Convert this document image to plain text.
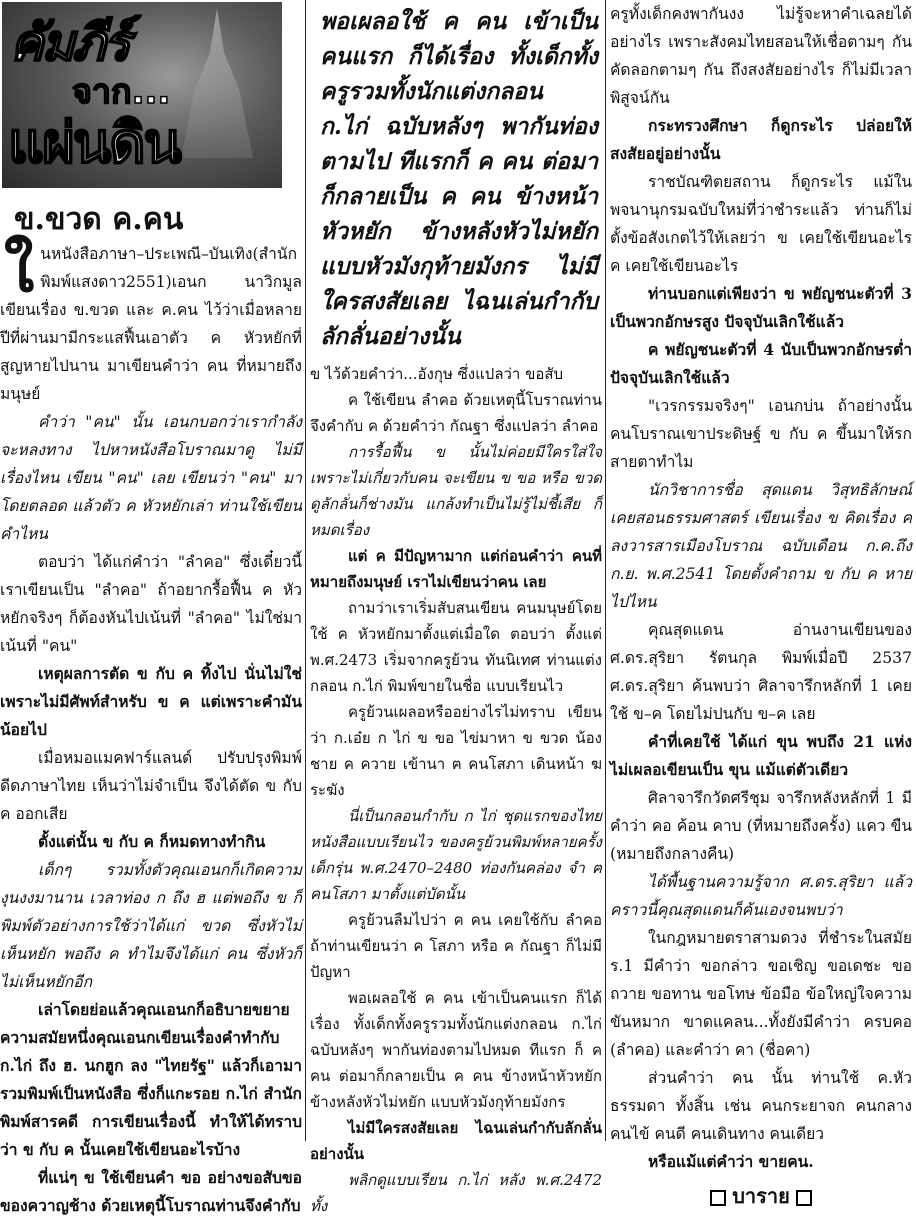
คัมภีร์
จาก...
แผ่นดิน
ข.ขวด ค.คน

ใ นหนังสือภาษา–ประเพณี–บันเทิง(สำนักพิมพ์แสงดาว2551)เอนก นาวิกมูลเขียนเรื่อง ข.ขวด และ ค.คน ไว้ว่าเมื่อหลายปีที่ผ่านมามีกระแสฟื้นเอาตัว ค หัวหยักที่สูญหายไปนาน มาเขียนคำว่า คน ที่หมายถึงมนุษย์

คำว่า "คน" นั้น เอนกบอกว่าเรากำลังจะหลงทาง ไปหาหนังสือโบราณมาดู ไม่มีเรื่องไหน เขียน "คน" เลย เขียนว่า "คน" มาโดยตลอด แล้วตัว ค หัวหยักเล่า ท่านใช้เขียนคำไหน

ตอบว่า ได้แก่คำว่า "ลำคอ" ซึ่งเดี๋ยวนี้เราเขียนเป็น "ลำคอ" ถ้าอยากรื้อฟื้น ค หัวหยักจริงๆ ก็ต้องหันไปเน้นที่ "ลำคอ" ไม่ใช่มาเน้นที่ "คน"

เหตุผลการตัด ข กับ ค ทิ้งไป นั่นไม่ใช่เพราะไม่มีศัพท์สำหรับ ข ค แต่เพราะคำมันน้อยไป

เมื่อหมอแมคฟาร์แลนด์ ปรับปรุงพิมพ์ดีดภาษาไทย เห็นว่าไม่จำเป็น จึงได้ตัด ข กับ ค ออกเสีย

ตั้งแต่นั้น ข กับ ค ก็หมดทางทำกิน

เด็กๆ รวมทั้งตัวคุณเอนกก็เกิดความงุนงงมานาน เวลาท่อง ก ถึง ฮ แต่พอถึง ข ก็พิมพ์ตัวอย่างการใช้ว่าได้แก่ ขวด ซึ่งหัวไม่เห็นหยัก พอถึง ค ทำไมจึงได้แก่ คน ซึ่งหัวก็ไม่เห็นหยักอีก

เล่าโดยย่อแล้วคุณเอนกก็อธิบายขยายความสมัยหนึ่งคุณเอนกเขียนเรื่องคำทำกับ ก.ไก่ ถึง ฮ. นกฮูก ลง "ไทยรัฐ" แล้วก็เอามารวมพิมพ์เป็นหนังสือ ซึ่งก็แกะรอย ก.ไก่ สำนักพิมพ์สารคดี การเขียนเรื่องนี้ ทำให้ได้ทราบว่า ข กับ ค นั้นเคยใช้เขียนอะไรบ้าง

ที่แน่ๆ ข ใช้เขียนคำ ขอ อย่างขอสับขอของควาญช้าง ด้วยเหตุนี้โบราณท่านจึงคำกับ

พอเผลอใช้ ค คน เข้าเป็นคนแรก ก็ได้เรื่อง ทั้งเด็กทั้งครูรวมทั้งนักแต่งกลอน ก.ไก่ ฉบับหลังๆ พากันท่องตามไป ทีแรกก็ ค คน ต่อมา ก็กลายเป็น ค คน ข้างหน้าหัวหยัก ข้างหลังหัวไม่หยัก แบบหัวมังกุท้ายมังกร ไม่มีใครสงสัยเลย ไฉนเล่นกำกับลักลั่นอย่างนั้น

ข ไว้ด้วยคำว่า...อังกุษ ซึ่งแปลว่า ขอสับ

ค ใช้เขียน ลำคอ ด้วยเหตุนี้โบราณท่านจึงคำกับ ค ด้วยคำว่า กัณฐา ซึ่งแปลว่า ลำคอ

การรื้อฟื้น ข นั้นไม่ค่อยมีใครใส่ใจ เพราะไม่เกี่ยวกับคน จะเขียน ข ขอ หรือ ขวดดูลักลั่นก็ช่างมัน แกล้งทำเป็นไม่รู้ไม่ชี้เสีย ก็หมดเรื่อง

แต่ ค มีปัญหามาก แต่ก่อนคำว่า คนที่หมายถึงมนุษย์ เราไม่เขียนว่าคน เลย

ถามว่าเราเริ่มสับสนเขียน คนมนุษย์โดยใช้ ค หัวหยักมาตั้งแต่เมื่อใด ตอบว่า ตั้งแต่ พ.ศ.2473 เริ่มจากครูย้วน ทันนิเทศ ท่านแต่งกลอน ก.ไก่ พิมพ์ขายในชื่อ แบบเรียนไว

ครูย้วนเผลอหรืออย่างไรไม่ทราบ เขียนว่า ก.เอ๋ย ก ไก่ ข ขอ ไข่มาหา ข ขวด น้องชาย ค ควาย เข้านา ฅ คนโสภา เดินหน้า ฆ ระฆัง

นี่เป็นกลอนกำกับ ก ไก่ ชุดแรกของไทย หนังสือแบบเรียนไว ของครูย้วนพิมพ์หลายครั้ง เด็กรุ่น พ.ศ.2470–2480 ท่องกันคล่อง จำ ฅ คนโสภา มาตั้งแต่บัดนั้น

ครูย้วนลืมไปว่า ค คน เคยใช้กับ ลำคอ ถ้าท่านเขียนว่า ค โสภา หรือ ค กัณฐา ก็ไม่มีปัญหา

พอเผลอใช้ ค คน เข้าเป็นคนแรก ก็ได้เรื่อง ทั้งเด็กทั้งครูรวมทั้งนักแต่งกลอน ก.ไก่ ฉบับหลังๆ พากันท่องตามไปหมด ทีแรก ก็ ค คน ต่อมาก็กลายเป็น ค คน ข้างหน้าหัวหยัก ข้างหลังหัวไม่หยัก แบบหัวมังกุท้ายมังกร

ไม่มีใครสงสัยเลย ไฉนเล่นกำกับลักลั่นอย่างนั้น

พลิกดูแบบเรียน ก.ไก่ หลัง พ.ศ.2472 ทั้ง

ครูทั้งเด็กคงพากันงง ไม่รู้จะหาคำเฉลยได้อย่างไร เพราะสังคมไทยสอนให้เชื่อตามๆ กัน คัดลอกตามๆ กัน ถึงสงสัยอย่างไร ก็ไม่มีเวลาพิสูจน์กัน

กระทรวงศึกษา ก็ดูกระไร ปล่อยให้สงสัยอยู่อย่างนั้น

ราชบัณฑิตยสถาน ก็ดูกระไร แม้ในพจนานุกรมฉบับใหม่ที่ว่าชำระแล้ว ท่านก็ไม่ตั้งข้อสังเกตไว้ให้เลยว่า ข เคยใช้เขียนอะไร ค เคยใช้เขียนอะไร

ท่านบอกแต่เพียงว่า ข พยัญชนะตัวที่ 3 เป็นพวกอักษรสูง ปัจจุบันเลิกใช้แล้ว

ค พยัญชนะตัวที่ 4 นับเป็นพวกอักษรต่ำ ปัจจุบันเลิกใช้แล้ว

"เวรกรรมจริงๆ" เอนกบ่น ถ้าอย่างนั้นคนโบราณเขาประดิษฐ์ ข กับ ค ขึ้นมาให้รกสายตาทำไม

นักวิชาการชื่อ สุดแดน วิสุทธิลักษณ์ เคยสอนธรรมศาสตร์ เขียนเรื่อง ข คิดเรื่อง ค ลงวารสารเมืองโบราณ ฉบับเดือน ก.ค.ถึง ก.ย. พ.ศ.2541 โดยตั้งคำถาม ข กับ ค หายไปไหน

คุณสุดแดน อ่านงานเขียนของ ศ.ดร.สุริยา รัตนกุล พิมพ์เมื่อปี 2537 ศ.ดร.สุริยา ค้นพบว่า ศิลาจารึกหลักที่ 1 เคยใช้ ข–ค โดยไม่ปนกับ ข–ค เลย

คำที่เคยใช้ ได้แก่ ขุน พบถึง 21 แห่ง ไม่เผลอเขียนเป็น ขุน แม้แต่ตัวเดียว

ศิลาจารึกวัดศรีชุม จารึกหลังหลักที่ 1 มีคำว่า คอ ค้อน คาบ (ที่หมายถึงครั้ง) แคว ขืน (หมายถึงกลางคืน)

ได้พื้นฐานความรู้จาก ศ.ดร.สุริยา แล้ว คราวนี้คุณสุดแดนก็ค้นเองจนพบว่า

ในกฎหมายตราสามดวง ที่ชำระในสมัย ร.1 มีคำว่า ขอกล่าว ขอเชิญ ขอเดชะ ขอถวาย ขอทาน ขอโทษ ข้อมือ ข้อใหญ่ใจความ ขันหมาก ขาดแคลน...ทั้งยังมีคำว่า ครบคอ (ลำคอ) และคำว่า คา (ชื่อคา)

ส่วนคำว่า คน นั้น ท่านใช้ ค.หัวธรรมดา ทั้งสิ้น เช่น คนกระยาจก คนกลาง คนไข้ คนดี คนเดินทาง คนเดียว

หรือแม้แต่คำว่า ขายคน.

บาราย
